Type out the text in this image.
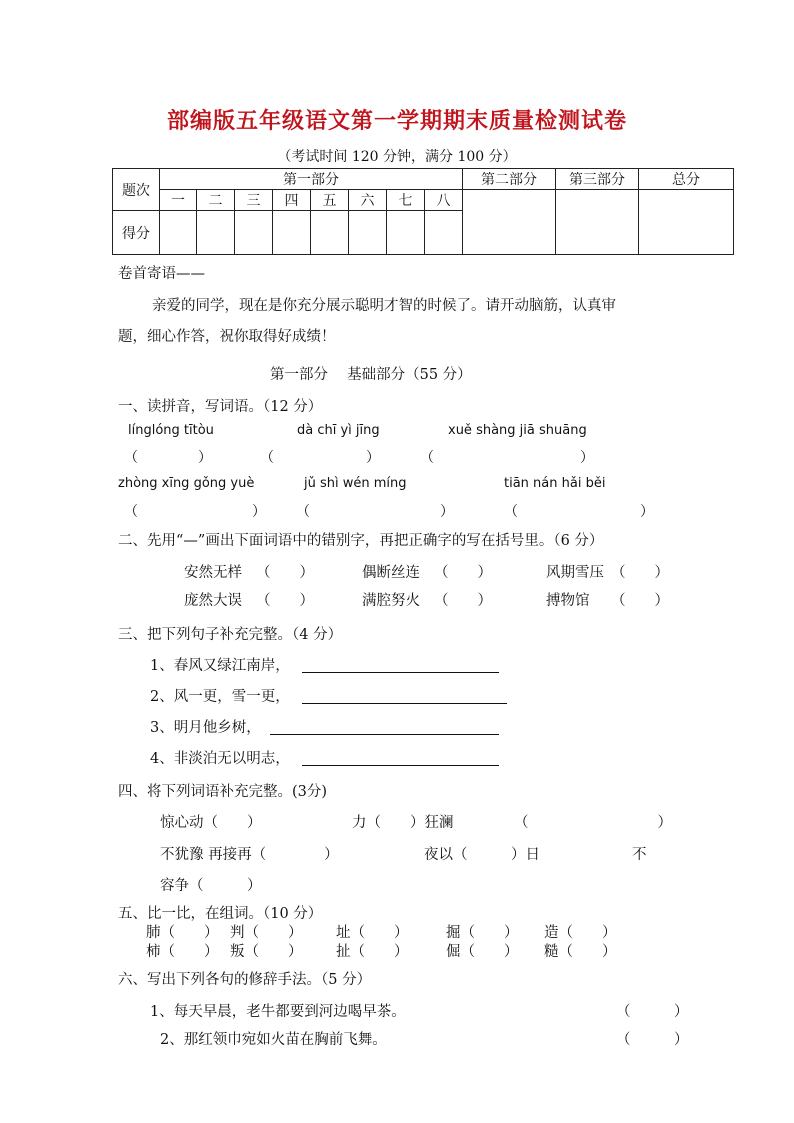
部编版五年级语文第一学期期末质量检测试卷
（考试时间 120 分钟，满分 100 分）
题次	第一部分								第二部分	第三部分	总分
	一	二	三	四	五	六	七	八			
得分											
卷首寄语——
亲爱的同学，现在是你充分展示聪明才智的时候了。请开动脑筋，认真审
题，细心作答，祝你取得好成绩！
第一部分　 基础部分（55 分）
一、读拼音，写词语。（12 分）
línglóng tītòu	dà chī yì jīng	xuě shàng jiā shuāng
（	）	（	）	（	）
zhòng xīng gǒng yuè	jǔ shì wén míng	tiān nán hǎi běi
（	） （	）	（	）
二、先用“—”画出下面词语中的错别字，再把正确字的写在括号里。（6 分）
安然无样 （　　）	偶断丝连 （　　）	风期雪压 （　　）
庞然大误 （　　）	满腔努火 （　　）	搏物馆 （　　）
三、把下列句子补充完整。（4 分）
1、春风又绿江南岸，
2、风一更，雪一更，
3、明月他乡树，
4、非淡泊无以明志，
四、将下列词语补充完整。(3分)
惊心动（　　）	力（　　）狂澜	（　　　　　　）
不犹豫 再接再（　　　　）	夜以（　　　）日	不
容争（　　　）
五、比一比，在组词。（10 分）
肺（　　） 判（　　） 址（　　）	掘（　　） 造（　　）
柿（　　） 叛（　　） 扯（　　）	倔（　　） 糙（　　）
六、写出下列各句的修辞手法。（5 分）
1、每天早晨，老牛都要到河边喝早茶。	（　　　）
2、那红领巾宛如火苗在胸前飞舞。	（　　　）
